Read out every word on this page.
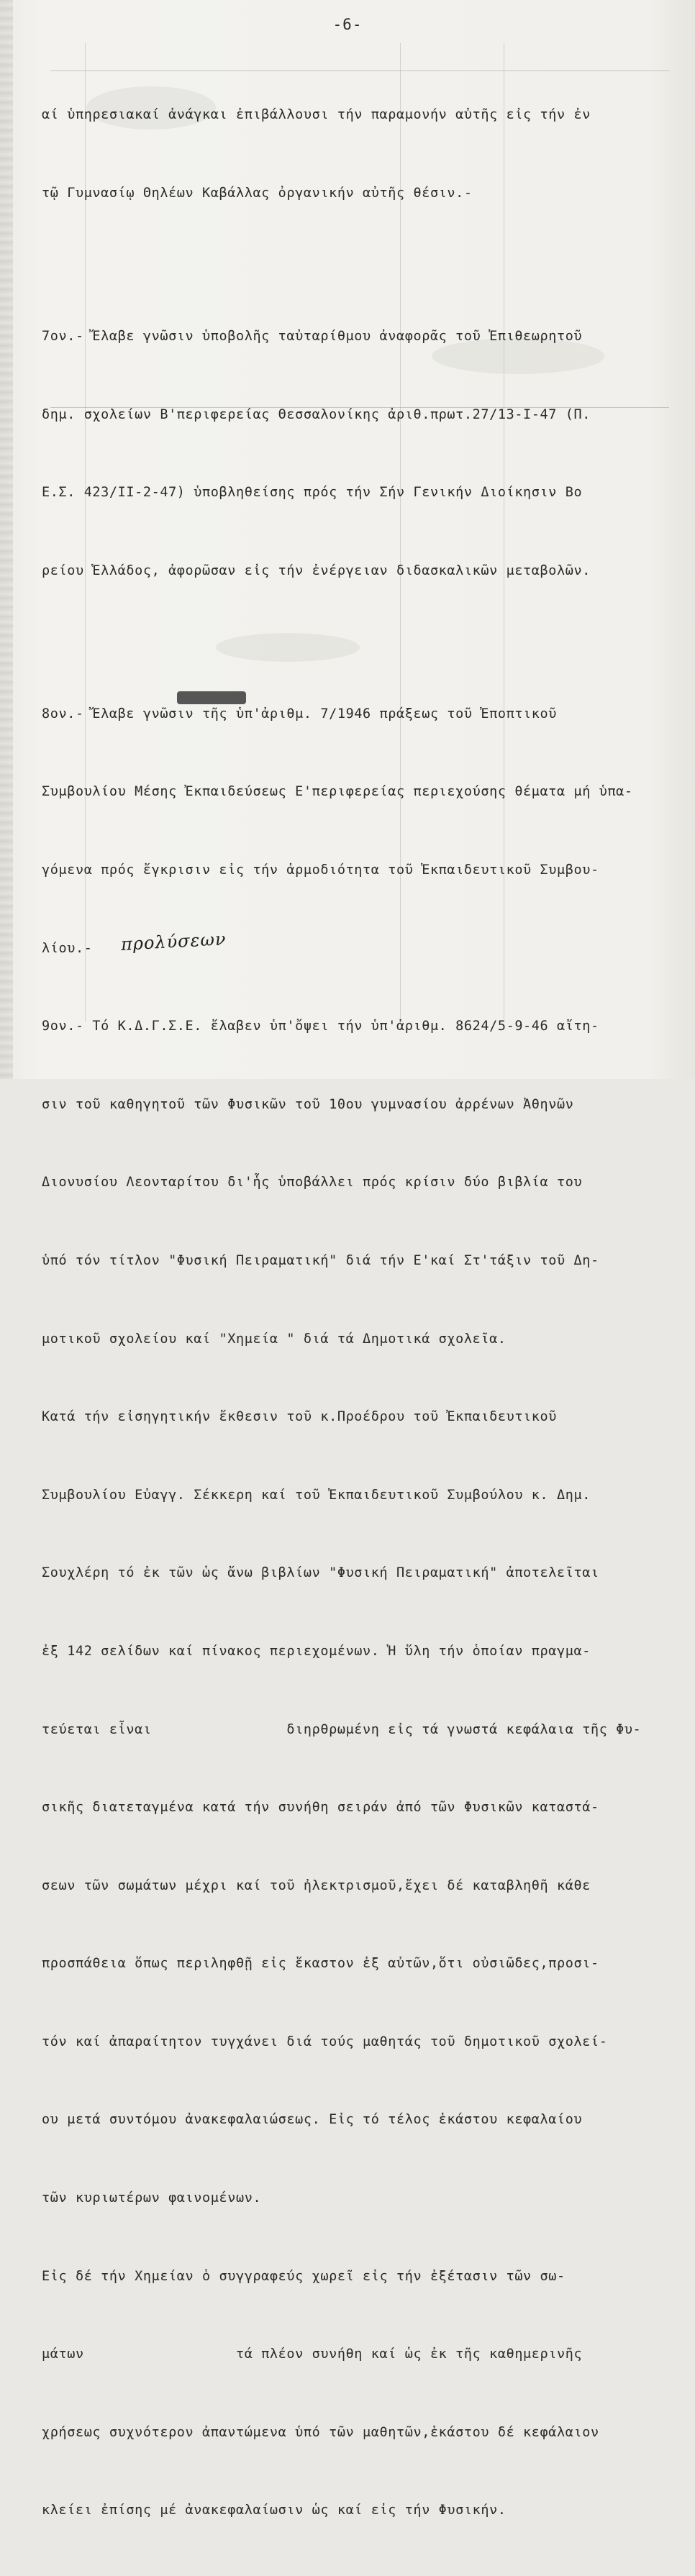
-6-

αί ὑπηρεσιακαί ἀνάγκαι ἐπιβάλλουσι τήν παραμονήν αὐτῆς εἰς τήν ἐν

τῷ Γυμνασίῳ Θηλέων Καβάλλας ὀργανικήν αὐτῆς θέσιν.-

7ον.- Ἔλαβε γνῶσιν ὑποβολῆς ταὐταρίθμου ἀναφορᾶς τοῦ Ἐπιθεωρητοῦ

δημ. σχολείων Β'περιφερείας Θεσσαλονίκης ἀριθ.πρωτ.27/13-I-47 (Π.

Ε.Σ. 423/II-2-47) ὑποβληθείσης πρός τήν Σήν Γενικήν Διοίκησιν Βο

ρείου Ἑλλάδος, ἀφορῶσαν εἰς τήν ἐνέργειαν διδασκαλικῶν μεταβολῶν.

8ον.- Ἔλαβε γνῶσιν τῆς ὑπ'ἀριθμ. 7/1946 πράξεως τοῦ Ἐποπτικοῦ

Συμβουλίου Μέσης Ἐκπαιδεύσεως Ε'περιφερείας περιεχούσης θέματα μή ὑπα-

γόμενα πρός ἔγκρισιν εἰς τήν ἁρμοδιότητα τοῦ Ἐκπαιδευτικοῦ Συμβου-

λίου.-

9ον.- Τό Κ.Δ.Γ.Σ.Ε. ἔλαβεν ὑπ'ὄψει τήν ὑπ'ἀριθμ. 8624/5-9-46 αἴτη-

σιν τοῦ καθηγητοῦ τῶν Φυσικῶν τοῦ 10ου γυμνασίου ἀρρένων Ἀθηνῶν

Διονυσίου Λεονταρίτου δι'ἧς ὑποβάλλει πρός κρίσιν δύο βιβλία του

ὑπό τόν τίτλον "Φυσική Πειραματική" διά τήν Ε'καί Στ'τάξιν τοῦ Δη-

μοτικοῦ σχολείου καί "Χημεία " διά τά Δημοτικά σχολεῖα.

Κατά τήν εἰσηγητικήν ἔκθεσιν τοῦ κ.Προέδρου τοῦ Ἐκπαιδευτικοῦ

Συμβουλίου Εὐαγγ. Σέκκερη καί τοῦ Ἐκπαιδευτικοῦ Συμβούλου κ. Δημ.

Σουχλέρη τό ἐκ τῶν ὡς ἄνω βιβλίων "Φυσική Πειραματική" ἀποτελεῖται

ἐξ 142 σελίδων καί πίνακος περιεχομένων. Ἡ ὕλη τήν ὁποίαν πραγμα-

τεύεται εἶναι                διηρθρωμένη εἰς τά γνωστά κεφάλαια τῆς Φυ-

σικῆς διατεταγμένα κατά τήν συνήθη σειράν ἀπό τῶν Φυσικῶν καταστά-

σεων τῶν σωμάτων μέχρι καί τοῦ ἠλεκτρισμοῦ,ἔχει δέ καταβληθῆ κάθε

προσπάθεια ὅπως περιληφθῇ εἰς ἕκαστον ἐξ αὐτῶν,ὅτι οὐσιῶδες,προσι-

τόν καί ἀπαραίτητον τυγχάνει διά τούς μαθητάς τοῦ δημοτικοῦ σχολεί-

ου μετά συντόμου ἀνακεφαλαιώσεως. Εἰς τό τέλος ἑκάστου κεφαλαίου

τῶν κυριωτέρων φαινομένων.

Εἰς δέ τήν Χημείαν ὁ συγγραφεύς χωρεῖ εἰς τήν ἐξέτασιν τῶν σω-

μάτων                  τά πλέον συνήθη καί ὡς ἐκ τῆς καθημερινῆς

χρήσεως συχνότερον ἀπαντώμενα ὑπό τῶν μαθητῶν,ἑκάστου δέ κεφάλαιον

κλείει ἐπίσης μέ ἀνακεφαλαίωσιν ὡς καί εἰς τήν Φυσικήν.

προλύσεων
